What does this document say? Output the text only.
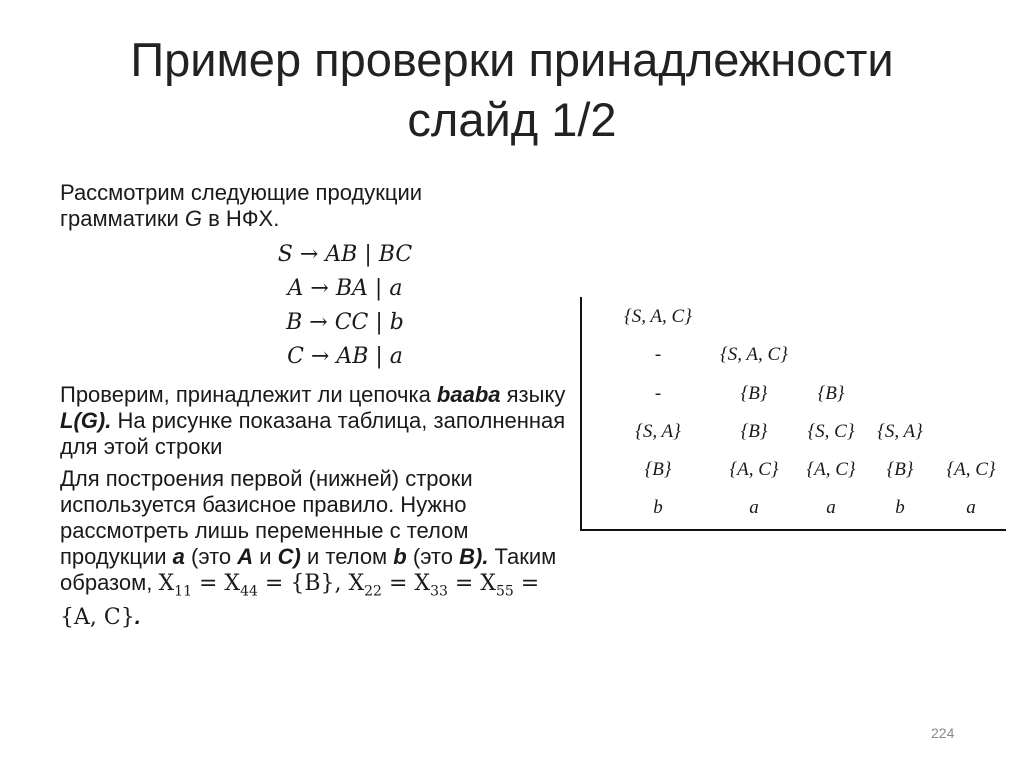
Пример проверки принадлежности
слайд 1/2
Рассмотрим следующие продукции
грамматики G в НФХ.
S → AB | BC
A → BA | a
B → CC | b
C → AB | a
Проверим, принадлежит ли цепочка baaba языку L(G). На рисунке показана таблица, заполненная для этой строки
Для построения первой (нижней) строки используется базисное правило. Нужно рассмотреть лишь переменные с телом продукции a (это A и C) и телом b (это B). Таким образом, $X_{11} = X_{44} = \{B\}$, $X_{22} = X_{33} = X_{55} = \{A$, C}.
{S, A, C}
-	{S, A, C}
-	{B}	{B}
{S, A}	{B} {S, C} {S, A}
{B}	{A, C} {A, C} {B} {A, C}
b	a	a	b	a
224
